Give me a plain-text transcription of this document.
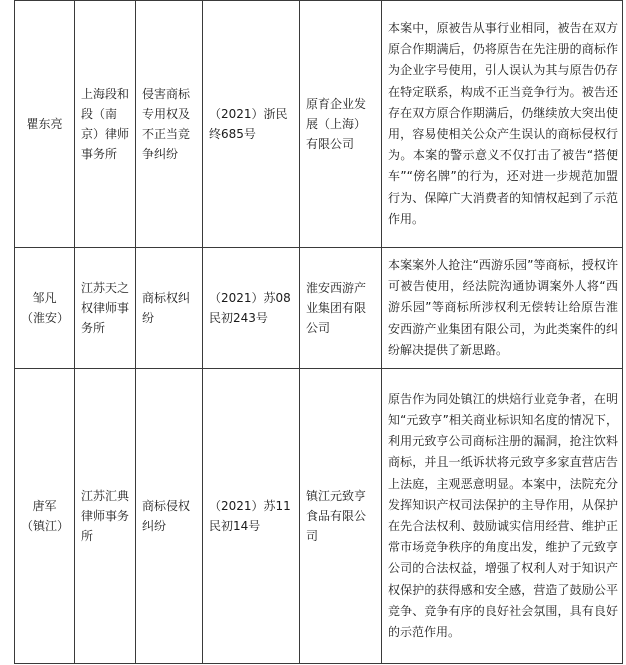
瞿东亮	上海段和段（南京）律师事务所	侵害商标专用权及不正当竞争纠纷	（2021）浙民终685号	原育企业发展（上海）有限公司	本案中，原被告从事行业相同，被告在双方原合作期满后，仍将原告在先注册的商标作为企业字号使用，引人误认为其与原告仍存在特定联系，构成不正当竞争行为。被告还存在双方原合作期满后，仍继续放大突出使用，容易使相关公众产生误认的商标侵权行为。本案的警示意义不仅打击了被告“搭便车”“傍名牌”的行为，还对进一步规范加盟行为、保障广大消费者的知情权起到了示范作用。

邹凡（淮安）	江苏天之权律师事务所	商标权纠纷	（2021）苏08民初243号	淮安西游产业集团有限公司	本案案外人抢注“西游乐园”等商标，授权许可被告使用，经法院沟通协调案外人将“西游乐园”等商标所涉权利无偿转让给原告淮安西游产业集团有限公司，为此类案件的纠纷解决提供了新思路。

唐军（镇江）	江苏汇典律师事务所	商标侵权纠纷	（2021）苏11民初14号	镇江元致亨食品有限公司	原告作为同处镇江的烘焙行业竞争者，在明知“元致亨”相关商业标识知名度的情况下，利用元致亨公司商标注册的漏洞，抢注饮料商标，并且一纸诉状将元致亨多家直营店告上法庭，主观恶意明显。本案中，法院充分发挥知识产权司法保护的主导作用，从保护在先合法权利、鼓励诚实信用经营、维护正常市场竞争秩序的角度出发，维护了元致亨公司的合法权益，增强了权利人对于知识产权保护的获得感和安全感，营造了鼓励公平竞争、竞争有序的良好社会氛围，具有良好的示范作用。
